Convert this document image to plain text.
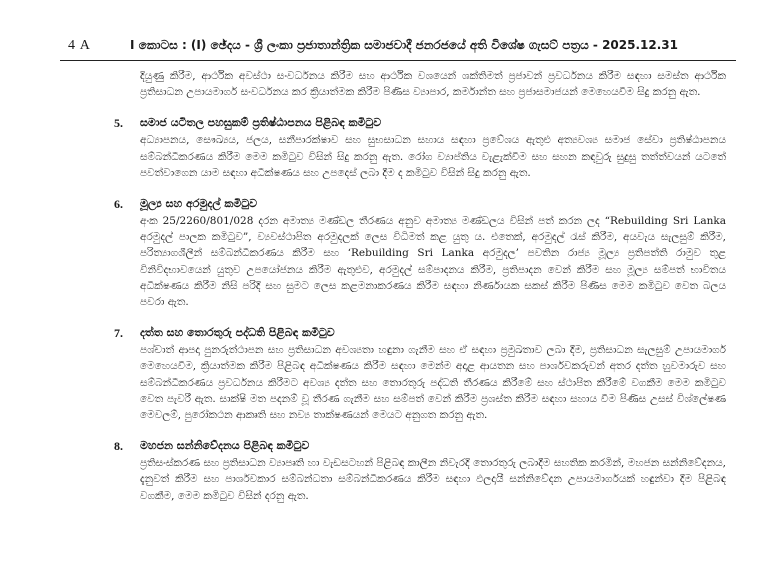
4 A	I කොටස : (I) ඡේදය - ශ්‍රී ලංකා ප්‍රජාතාන්ත්‍රික සමාජවාදී ජනරජයේ අති විශේෂ ගැසට් පත්‍රය - 2025.12.31

දියුණු කිරීම, ආර්ථික අවස්ථා සංවර්ධනය කිරීම සහ ආර්ථික වශයෙන් ශක්තිමත් ප්‍රජාවන් ප්‍රවර්ධනය කිරීම සඳහා සමස්ත ආර්ථික ප්‍රතිසාධන උපායමාර්ග සංවර්ධනය කර ක්‍රියාත්මක කිරීම පිණිස ව්‍යාපාර, කර්මාන්ත සහ ප්‍රජාසමාජයන් මෙහෙයවීම සිදු කරනු ඇත.

5. සමාජ යටිතල පහසුකම් ප්‍රතිෂ්ඨාපනය පිළිබඳ කමිටුව

අධ්‍යාපනය, සෞඛ්‍යය, ජලය, සනීපාරක්ෂාව සහ සුභසාධන සහාය සඳහා ප්‍රවේශය ඇතුළු අත්‍යවශ්‍ය සමාජ සේවා ප්‍රතිෂ්ඨාපනය සම්බන්ධීකරණය කිරීම මෙම කමිටුව විසින් සිදු කරනු ඇත. රෝග ව්‍යාප්තිය වැළැක්වීම සහ සහන කඳවුරු සුදුසු තත්ත්වයන් යටතේ පවත්වාගෙන යාම සඳහා අධීක්ෂණය සහ උපදෙස් ලබා දීම ද කමිටුව විසින් සිදු කරනු ඇත.

6. මූල්‍ය සහ අරමුදල් කමිටුව

අංක 25/2260/801/028 දරන අමාත්‍ය මණ්ඩල තීරණය අනුව අමාත්‍ය මණ්ඩලය විසින් පත් කරන ලද “Rebuilding Sri Lanka අරමුදල් පාලක කමිටුව”, ව්‍යවස්ථාපිත අරමුදලක් ලෙස විධිමත් කළ යුතු ය. එතෙක්, අරමුදල් රැස් කිරීම, අයවැය සැලසුම් කිරීම, පරිත්‍යාගශීලීන් සම්බන්ධීකරණය කිරීම සහ ‘Rebuilding Sri Lanka අරමුදල’ පවතින රාජ්‍ය මූල්‍ය ප්‍රතිපත්ති රාමුව තුළ විනිවිදභාවයෙන් යුතුව උපයෝජනය කිරීම ඇතුළුව, අරමුදල් සම්පාදනය කිරීම, ප්‍රතිපාදන වෙන් කිරීම සහ මූල්‍ය සම්පත් භාවිතය අධීක්ෂණය කිරීම නිසි පරිදි සහ සුමට ලෙස කළමනාකරණය කිරීම සඳහා නිර්ණායක සකස් කිරීම පිණිස මෙම කමිටුව වෙත බලය පවරා ඇත.

7. දත්ත සහ තොරතුරු පද්ධති පිළිබඳ කමිටුව

පශ්චාත් ආපදා පුනරුත්ථාපන සහ ප්‍රතිසාධන අවශ්‍යතා හඳුනා ගැනීම සහ ඒ සඳහා ප්‍රමුඛතාව ලබා දීම, ප්‍රතිසාධන සැලසුම් උපායමාර්ග මෙහෙයවීම, ක්‍රියාත්මක කිරීම පිළිබඳ අධීක්ෂණය කිරීම සඳහා මෙන්ම අදාළ ආයතන සහ පාර්ශවකරුවන් අතර දත්ත හුවමාරුව සහ සම්බන්ධීකරණය ප්‍රවර්ධනය කිරීමට අවශ්‍ය දත්ත සහ තොරතුරු පද්ධති තීරණය කිරීමේ සහ ස්ථාපිත කිරීමේ වගකීම මෙම කමිටුව වෙත පැවරී ඇත. සාක්ෂි මත පදනම් වූ තීරණ ගැනීම සහ සම්පත් වෙන් කිරීම ප්‍රශස්ත කිරීම සඳහා සහාය වීම පිණිස උසස් විශ්ලේෂණ මෙවලම්, පුරෝකථන ආකෘති සහ නව්‍ය තාක්ෂණයන් මෙයට අනුගත කරනු ඇත.

8. මහජන සන්නිවේදනය පිළිබඳ කමිටුව

ප්‍රතිසංස්කරණ සහ ප්‍රතිසාධන ව්‍යාපෘති හා වැඩසටහන් පිළිබඳ කාලීන නිවැරදි තොරතුරු ලබාදීම සහතික කරමින්, මහජන සන්නිවේදනය, දැනුවත් කිරීම සහ පාර්ශවකාර සම්බන්ධතා සම්බන්ධීකරණය කිරීම සඳහා ඵලදායී සන්නිවේදන උපායමාර්ගයක් හඳුන්වා දීම පිළිබඳ වගකීම, මෙම කමිටුව විසින් දරනු ඇත.
